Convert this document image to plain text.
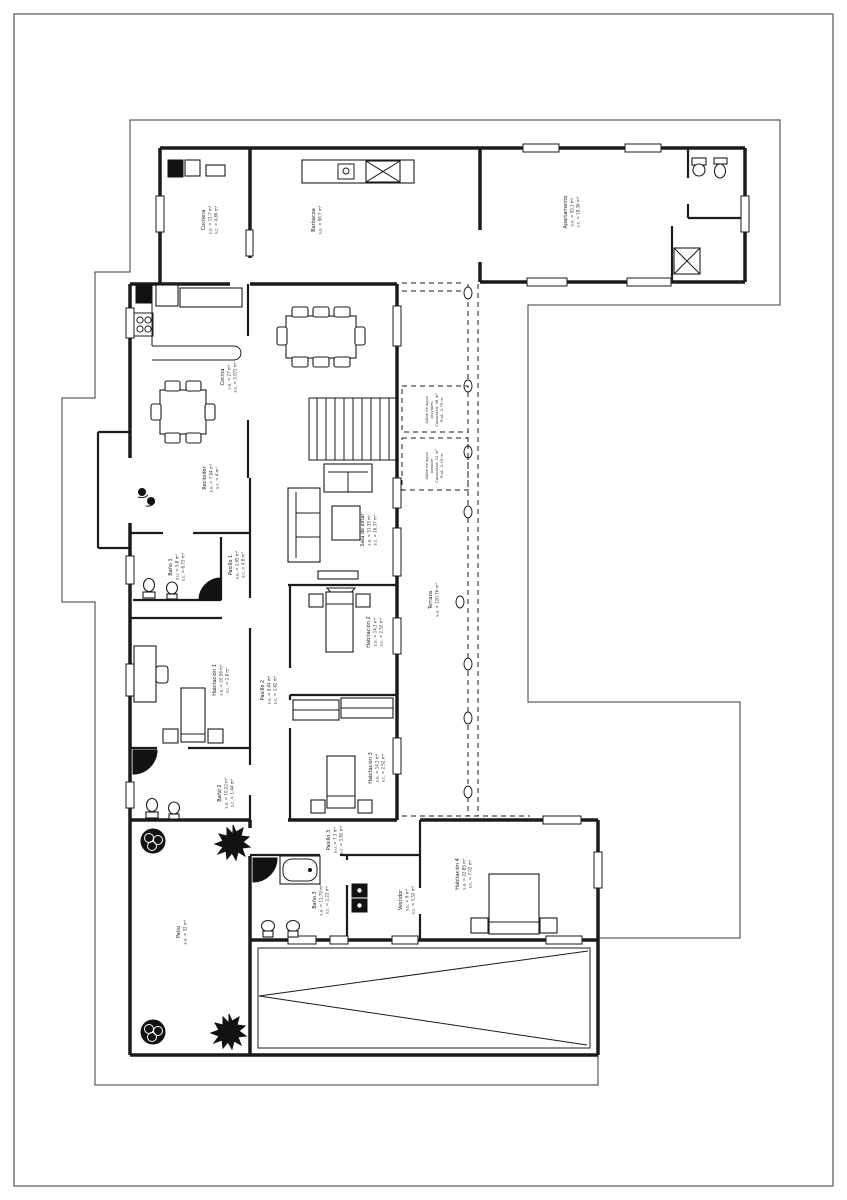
Cochera s.u. = 11.7 m² s.c. = 4.89 m²	Barbacoa s.u. = 96.7 m²	Apartamento s.u. = 55.1 m² s.c. = 18.36 m²
Cocina s.u. = 27 m² s.c. = 3.072 m²
Recibidor s.u. = 7.94 m² s.c. = 4 m²
Baño 1 s.u. = 5.8 m² s.c. = 6.72 m²	Pasillo 1 s.u. = 2.95 m² s.c. = 4.8 m²
Habitación 1 s.u. = 20.56 m² s.c. = 2.8 m²
Sala de estar s.u. = 51.35 m² s.c. = 16.37 m²
Habitación 2 s.u. = 14.2 m² s.c. = 2.52 m²
Pasillo 2 s.u. = 9.84 m² s.c. = 3.82 m²
Baño 2 s.u. = 10.22 m² s.c. = 1.44 m²
Habitación 3 s.u. = 14.2 m² s.c. = 2.52 m²
Terraza s.u. = 120.76 m²
Patio s.u. = 32 m²
Pasillo 3 s.u. = 7.3 m² s.c. = 3.82 m²
Baño 3 s.u. = 11.79 m² s.c. = 2.22 m²	Vestidor s.u. = 9 m² s.c. = 3.52 m²
Habitación 4 s.u. = 22.85 m² s.c. = 7.02 m²
Aljibe de agua pluviales Capacidad: 38 m³ Prof.: 2.75 m
Aljibe de agua potable Capacidad: 12 m³ Prof.: 2.15 m
